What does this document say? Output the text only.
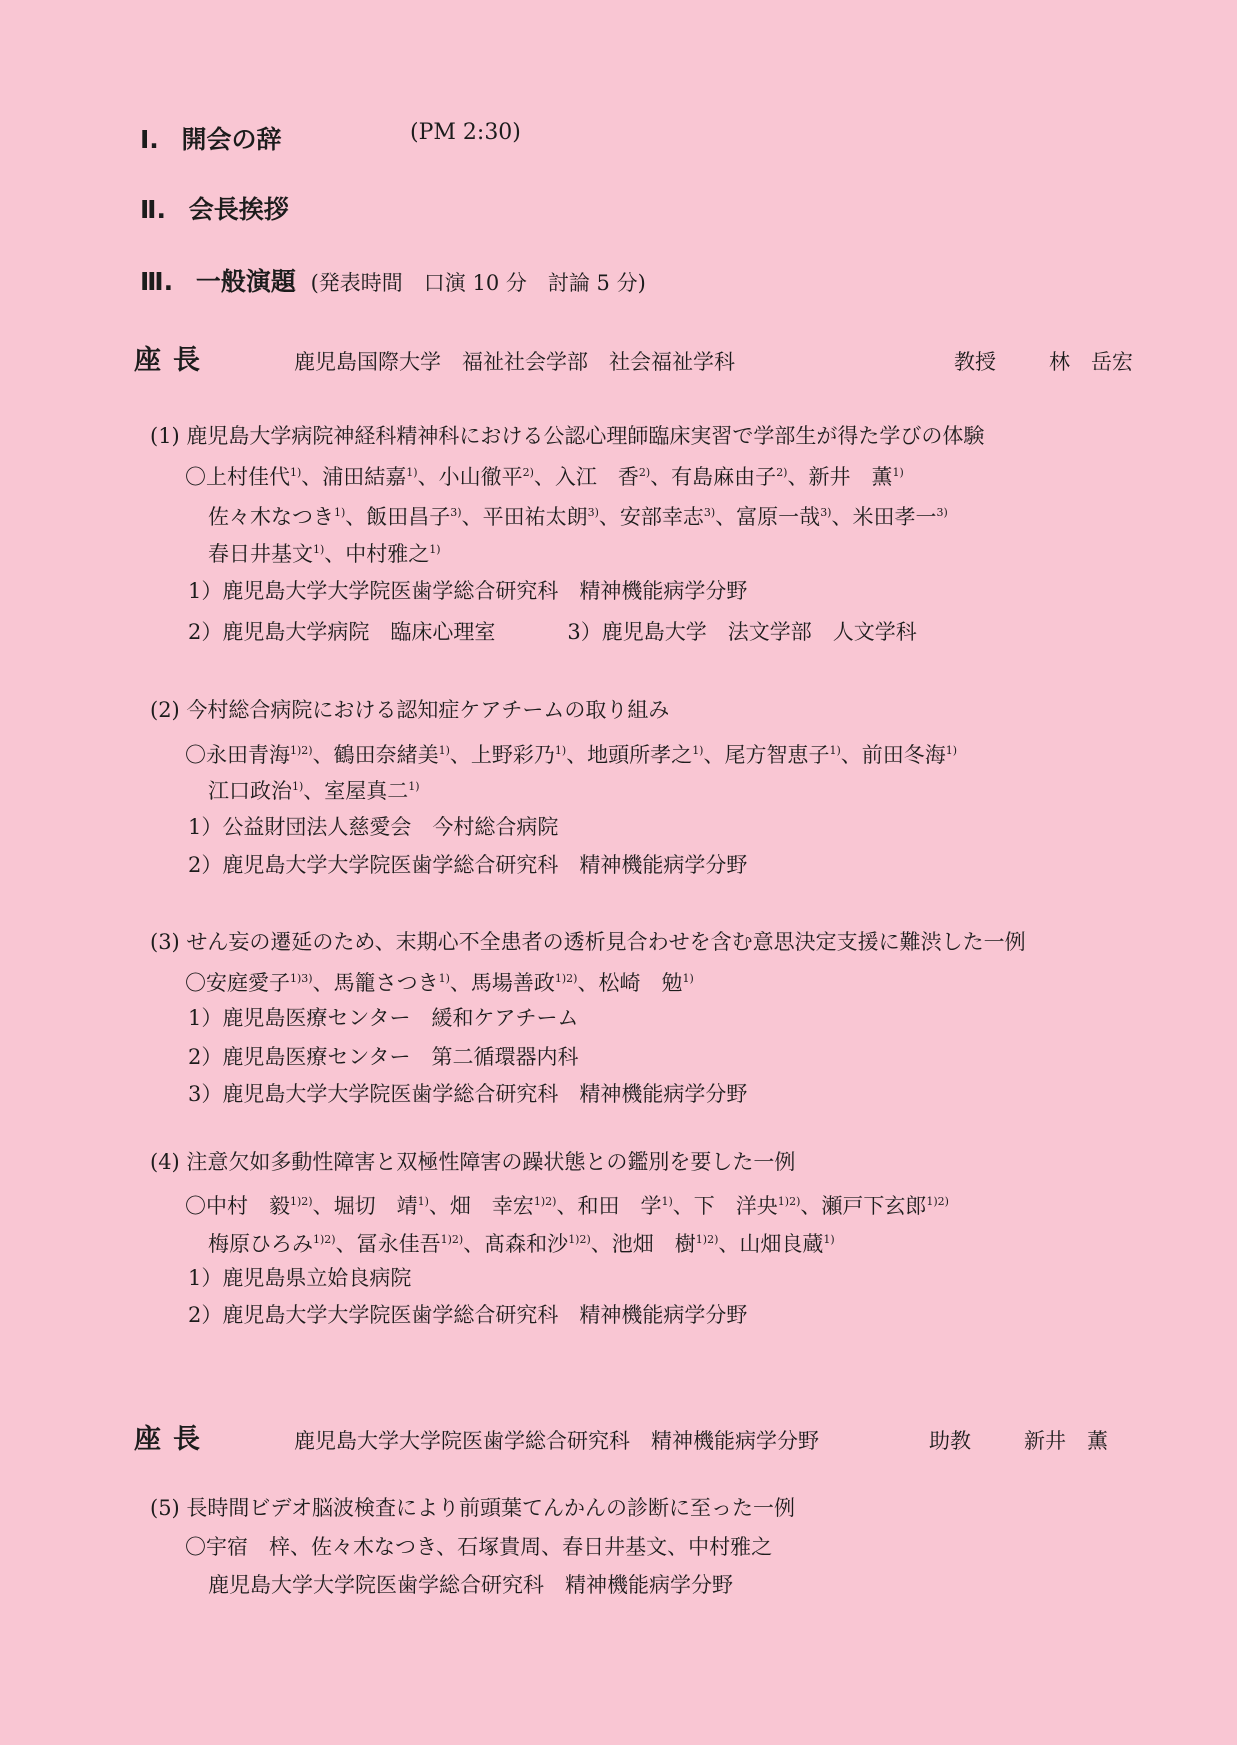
Ⅰ. 開会の辞	(PM 2:30)
Ⅱ. 会長挨拶
Ⅲ. 一般演題 (発表時間　口演 10 分　討論 5 分)
座長	鹿児島国際大学　福祉社会学部　社会福祉学科	教授	林　岳宏
(1) 鹿児島大学病院神経科精神科における公認心理師臨床実習で学部生が得た学びの体験
〇上村佳代$^{1)}$、浦田結嘉$^{1)}$、小山徹平$^{2)}$、入江　香$^{2)}$、有島麻由子$^{2)}$、新井　薫$^{1)}$
佐々木なつき$^{1)}$、飯田昌子$^{3)}$、平田祐太朗$^{3)}$、安部幸志$^{3)}$、富原一哉$^{3)}$、米田孝一$^{3)}$
春日井基文$^{1)}$、中村雅之$^{1)}$
1）鹿児島大学大学院医歯学総合研究科　精神機能病学分野
2）鹿児島大学病院　臨床心理室	3）鹿児島大学　法文学部　人文学科
(2) 今村総合病院における認知症ケアチームの取り組み
〇永田青海$^{1)2)}$、鶴田奈緒美$^{1)}$、上野彩乃$^{1)}$、地頭所孝之$^{1)}$、尾方智恵子$^{1)}$、前田冬海$^{1)}$
江口政治$^{1)}$、室屋真二$^{1)}$
1）公益財団法人慈愛会　今村総合病院
2）鹿児島大学大学院医歯学総合研究科　精神機能病学分野
(3) せん妄の遷延のため、末期心不全患者の透析見合わせを含む意思決定支援に難渋した一例
〇安庭愛子$^{1)3)}$、馬籠さつき$^{1)}$、馬場善政$^{1)2)}$、松崎　勉$^{1)}$
1）鹿児島医療センター　緩和ケアチーム
2）鹿児島医療センター　第二循環器内科
3）鹿児島大学大学院医歯学総合研究科　精神機能病学分野
(4) 注意欠如多動性障害と双極性障害の躁状態との鑑別を要した一例
〇中村　毅$^{1)2)}$、堀切　靖$^{1)}$、畑　幸宏$^{1)2)}$、和田　学$^{1)}$、下　洋央$^{1)2)}$、瀬戸下玄郎$^{1)2)}$
梅原ひろみ$^{1)2)}$、冨永佳吾$^{1)2)}$、髙森和沙$^{1)2)}$、池畑　樹$^{1)2)}$、山畑良蔵$^{1)}$
1）鹿児島県立姶良病院
2）鹿児島大学大学院医歯学総合研究科　精神機能病学分野
座長	鹿児島大学大学院医歯学総合研究科　精神機能病学分野	助教	新井　薫
(5) 長時間ビデオ脳波検査により前頭葉てんかんの診断に至った一例
〇宇宿　梓、佐々木なつき、石塚貴周、春日井基文、中村雅之
鹿児島大学大学院医歯学総合研究科　精神機能病学分野
